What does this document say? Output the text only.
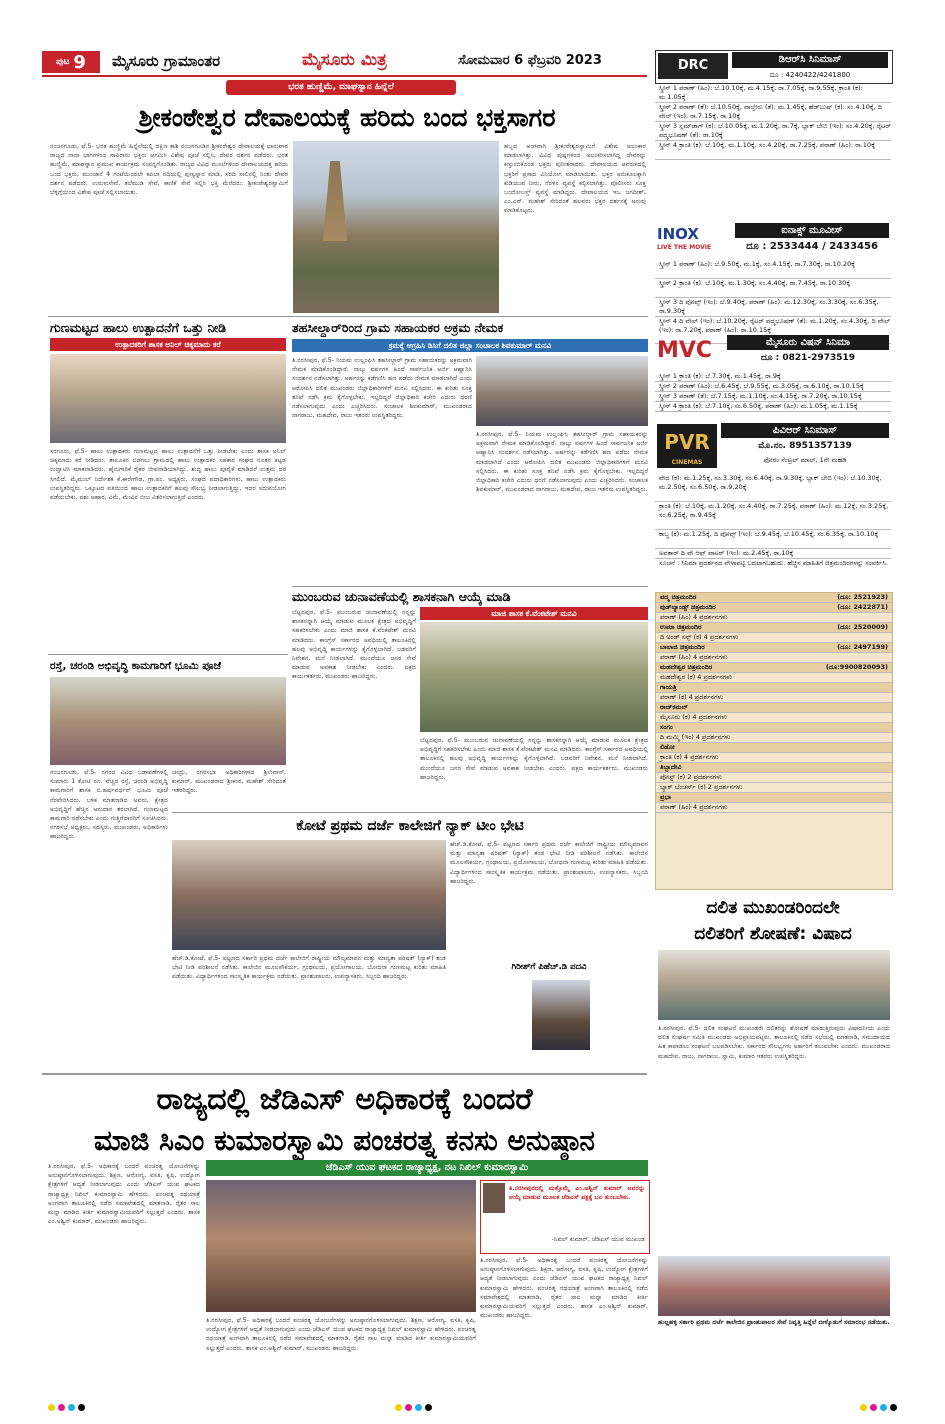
ಪುಟ 9 ಮೈಸೂರು ಗ್ರಾಮಾಂತರ	ಮೈಸೂರು ಮಿತ್ರ	ಸೋಮವಾರ 6 ಫೆಬ್ರವರಿ 2023
ಭರತ ಹುಣ್ಣಿಮೆ, ಮಾಘಸ್ನಾನ ಹಿನ್ನೆಲೆ
ಶ್ರೀಕಂಠೇಶ್ವರ ದೇವಾಲಯಕ್ಕೆ ಹರಿದು ಬಂದ ಭಕ್ತಸಾಗರ
ನಂಜನಗೂಡು, ಫೆ.5- ಭರತ ಹುಣ್ಣಿಮೆ ಹಿನ್ನೆಲೆಯಲ್ಲಿ ದಕ್ಷಿಣ ಕಾಶಿ ನಂಜನಗೂಡಿನ ಶ್ರೀಕಂಠೇಶ್ವರ ದೇವಾಲಯಕ್ಕೆ ಭಾನುವಾರ ರಾಜ್ಯದ ನಾನಾ ಭಾಗಗಳಿಂದ ಸಾವಿರಾರು ಭಕ್ತರು ಆಗಮಿಸಿ ವಿಶೇಷ ಪೂಜೆ ಸಲ್ಲಿಸಿ, ದೇವರ ದರ್ಶನ ಪಡೆದರು. ಭರತ ಹುಣ್ಣಿಮೆ, ಮಾಘಸ್ನಾನ ಪ್ರಮುಖ ಕಾರ್ಯಕ್ರಮ ಸಂಪನ್ನಗೊಂಡಿತು. ರಾಜ್ಯದ ವಿವಿಧ ಮೂಲೆಗಳಿಂದ ದೇವಾಲಯದತ್ತ ಹರಿದು ಬಂದ ಭಕ್ತರು, ಮುಂಜಾನೆ 4 ಗಂಟೆಯಿಂದಲೇ ಕಪಿಲಾ ನದಿಯಲ್ಲಿ ಪುಣ್ಯಸ್ನಾನ ಮಾಡಿ, ಸರದಿ ಸಾಲಿನಲ್ಲಿ ನಿಂತು ದೇವರ ದರ್ಶನ ಪಡೆದರು. ಉರುಳುಸೇವೆ, ತಲೆಮುಡಿ ಸೇವೆ, ಕಾಣಿಕೆ ಸೇವೆ ಸಲ್ಲಿಸಿ ಭಕ್ತಿ ಮೆರೆದರು. ಶ್ರೀಕಂಠೇಶ್ವರಸ್ವಾಮಿಗೆ ಬೆಳ್ಳಿಗ್ಗೆಯಿಂದ ವಿಶೇಷ ಪೂಜೆ ಸಲ್ಲಿಸಲಾಯಿತು.
ಹಬ್ಬದ ಅಂಗವಾಗಿ ಶ್ರೀಕಂಠೇಶ್ವರಸ್ವಾಮಿಗೆ ವಿಶೇಷ ಅಲಂಕಾರ ಮಾಡಲಾಗಿತ್ತು. ವಿವಿಧ ಪುಷ್ಪಗಳಿಂದ ಅಲಂಕರಿಸಲಾಗಿದ್ದ ದೇವರನ್ನು ಕಣ್ತುಂಬಿಕೊಂಡ ಭಕ್ತರು ಪುನೀತರಾದರು. ದೇವಾಲಯದ ಆವರಣದಲ್ಲಿ ಭಕ್ತರಿಗೆ ಪ್ರಸಾದ ವಿನಿಯೋಗ ಮಾಡಲಾಯಿತು. ಭಕ್ತರ ಅನುಕೂಲಕ್ಕಾಗಿ ಕುಡಿಯುವ ನೀರು, ನೆರಳಿನ ವ್ಯವಸ್ಥೆ ಕಲ್ಪಿಸಲಾಗಿತ್ತು. ಪೊಲೀಸರು ಸೂಕ್ತ ಬಂದೋಬಸ್ತ್ ವ್ಯವಸ್ಥೆ ಮಾಡಿದ್ದರು. ದೇವಾಲಯದ ಇಒ ಜಗದೀಶ್, ಎಂ.ಎನ್. ಮಹೇಶ್ ಸೇರಿದಂತೆ ಹಲವರು ಭಕ್ತರ ದರ್ಶನಕ್ಕೆ ಅನುವು ಮಾಡಿಕೊಟ್ಟರು.
ಗುಣಮಟ್ಟದ ಹಾಲು ಉತ್ಪಾದನೆಗೆ ಒತ್ತು ನೀಡಿ
ಉತ್ಪಾದಕರಿಗೆ ಶಾಸಕ ಅನಿಲ್ ಚಿಕ್ಕಮಾದು ಕರೆ
ಸರಗೂರು, ಫೆ.5- ಹಾಲು ಉತ್ಪಾದಕರು ಗುಣಮಟ್ಟದ ಹಾಲು ಉತ್ಪಾದನೆಗೆ ಒತ್ತು ನೀಡಬೇಕು ಎಂದು ಶಾಸಕ ಅನಿಲ್ ಚಿಕ್ಕಮಾದು ಕರೆ ನೀಡಿದರು. ತಾಲೂಕಿನ ಬಿಡಗಲು ಗ್ರಾಮದಲ್ಲಿ ಹಾಲು ಉತ್ಪಾದಕರ ಸಹಕಾರ ಸಂಘದ ನೂತನ ಕಟ್ಟಡ ಉದ್ಘಾಟಿಸಿ ಮಾತನಾಡಿದರು. ಹೈನುಗಾರಿಕೆ ರೈತರ ಜೀವನಾಡಿಯಾಗಿದ್ದು, ಶುದ್ಧ ಹಾಲು ಪೂರೈಕೆ ಮಾಡಿದರೆ ಉತ್ತಮ ದರ ಸಿಗಲಿದೆ. ಮೈಮುಲ್ ನಿರ್ದೇಶಕ ಕೆ.ಈರೇಗೌಡ, ಗ್ರಾ.ಪಂ. ಅಧ್ಯಕ್ಷರು, ಸಂಘದ ಪದಾಧಿಕಾರಿಗಳು, ಹಾಲು ಉತ್ಪಾದಕರು ಉಪಸ್ಥಿತರಿದ್ದರು. ಒಕ್ಕೂಟದ ವತಿಯಿಂದ ಹಾಲು ಉತ್ಪಾದಕರಿಗೆ ಹಲವು ಸೌಲಭ್ಯ ನೀಡಲಾಗುತ್ತಿದ್ದು, ಇದರ ಸದುಪಯೋಗ ಪಡೆಯಬೇಕು. ಪಶು ಆಹಾರ, ವಿಮೆ, ಮೇವಿನ ಬೀಜ ವಿತರಿಸಲಾಗುತ್ತಿದೆ ಎಂದರು.
ರಸ್ತೆ, ಚರಂಡಿ ಅಭಿವೃದ್ಧಿ ಕಾಮಗಾರಿಗೆ ಭೂಮಿ ಪೂಜೆ
ನಂಜನಗೂಡು, ಫೆ.5- ನಗರದ ವಿವಿಧ ಬಡಾವಣೆಗಳಲ್ಲಿ ಸುಮಾರು 1 ಕೋಟಿ ರೂ. ವೆಚ್ಚದ ರಸ್ತೆ, ಚರಂಡಿ ಅಭಿವೃದ್ಧಿ ಕಾಮಗಾರಿಗೆ ಶಾಸಕ ಬಿ.ಹರ್ಷವರ್ಧನ್ ಭೂಮಿ ಪೂಜೆ ನೆರವೇರಿಸಿದರು. ಬಳಿಕ ಮಾತನಾಡಿದ ಅವರು, ಕ್ಷೇತ್ರದ ಅಭಿವೃದ್ಧಿಗೆ ಹೆಚ್ಚಿನ ಅನುದಾನ ತರಲಾಗಿದೆ. ಗುಣಮಟ್ಟದ ಕಾಮಗಾರಿ ನಡೆಸಬೇಕು ಎಂದು ಗುತ್ತಿಗೆದಾರರಿಗೆ ಸೂಚಿಸಿದರು. ನಗರಸಭೆ ಅಧ್ಯಕ್ಷರು, ಸದಸ್ಯರು, ಮುಖಂಡರು, ಅಧಿಕಾರಿಗಳು ಹಾಜರಿದ್ದರು.
ಚಂದ್ರು, ನಗರಸಭಾ ಅಧಿಕಾರಿಗಳಾದ ಶ್ರೀನಿವಾಸ್, ಕುಮಾರ್, ಮುಖಂಡರಾದ ಶ್ರೀಕಂಠ, ಮಹೇಶ್ ಸೇರಿದಂತೆ ಇತರರಿದ್ದರು.
ತಹಸೀಲ್ದಾರ್‌ರಿಂದ ಗ್ರಾಮ ಸಹಾಯಕರ ಅಕ್ರಮ ನೇಮಕ
ಕ್ರಮಕ್ಕೆ ಆಗ್ರಹಿಸಿ ಡಿಸಿಗೆ ದಲಿತ ಜಿಲ್ಲಾ ಸಂಚಾಲಕ ಶಿವಕುಮಾರ್ ಮನವಿ
ತಿ.ನರಸೀಪುರ, ಫೆ.5- ನಿಯಮ ಉಲ್ಲಂಘಿಸಿ ತಹಸೀಲ್ದಾರ್ ಗ್ರಾಮ ಸಹಾಯಕರನ್ನು ಅಕ್ರಮವಾಗಿ ನೇಮಕ ಮಾಡಿಕೊಂಡಿದ್ದಾರೆ. ನಾಲ್ಕು ವರ್ಷಗಳ ಹಿಂದೆ ಸಾರ್ವಜನಿಕ ಅರ್ಜಿ ಆಹ್ವಾನಿಸಿ ಸಂದರ್ಶನ ನಡೆಸಲಾಗಿತ್ತು. ಅರ್ಹರನ್ನು ಕಡೆಗಣಿಸಿ ಹಣ ಪಡೆದು ನೇಮಕ ಮಾಡಲಾಗಿದೆ ಎಂದು ಆರೋಪಿಸಿ ದಲಿತ ಮುಖಂಡರು ಜಿಲ್ಲಾಧಿಕಾರಿಗಳಿಗೆ ಮನವಿ ಸಲ್ಲಿಸಿದರು. ಈ ಕುರಿತು ಸೂಕ್ತ ತನಿಖೆ ನಡೆಸಿ ಕ್ರಮ ಕೈಗೊಳ್ಳಬೇಕು. ಇಲ್ಲದಿದ್ದರೆ ಜಿಲ್ಲಾಧಿಕಾರಿ ಕಚೇರಿ ಎದುರು ಧರಣಿ ನಡೆಸಲಾಗುವುದು ಎಂದು ಎಚ್ಚರಿಸಿದರು. ಸಂಚಾಲಕ ಶಿವಕುಮಾರ್, ಮುಖಂಡರಾದ ನಾಗರಾಜು, ಮಹದೇವ, ರಾಜು ಇತರರು ಉಪಸ್ಥಿತರಿದ್ದರು.
ತಿ.ನರಸೀಪುರ, ಫೆ.5- ನಿಯಮ ಉಲ್ಲಂಘಿಸಿ ತಹಸೀಲ್ದಾರ್ ಗ್ರಾಮ ಸಹಾಯಕರನ್ನು ಅಕ್ರಮವಾಗಿ ನೇಮಕ ಮಾಡಿಕೊಂಡಿದ್ದಾರೆ. ನಾಲ್ಕು ವರ್ಷಗಳ ಹಿಂದೆ ಸಾರ್ವಜನಿಕ ಅರ್ಜಿ ಆಹ್ವಾನಿಸಿ ಸಂದರ್ಶನ ನಡೆಸಲಾಗಿತ್ತು. ಅರ್ಹರನ್ನು ಕಡೆಗಣಿಸಿ ಹಣ ಪಡೆದು ನೇಮಕ ಮಾಡಲಾಗಿದೆ ಎಂದು ಆರೋಪಿಸಿ ದಲಿತ ಮುಖಂಡರು ಜಿಲ್ಲಾಧಿಕಾರಿಗಳಿಗೆ ಮನವಿ ಸಲ್ಲಿಸಿದರು. ಈ ಕುರಿತು ಸೂಕ್ತ ತನಿಖೆ ನಡೆಸಿ ಕ್ರಮ ಕೈಗೊಳ್ಳಬೇಕು. ಇಲ್ಲದಿದ್ದರೆ ಜಿಲ್ಲಾಧಿಕಾರಿ ಕಚೇರಿ ಎದುರು ಧರಣಿ ನಡೆಸಲಾಗುವುದು ಎಂದು ಎಚ್ಚರಿಸಿದರು. ಸಂಚಾಲಕ ಶಿವಕುಮಾರ್, ಮುಖಂಡರಾದ ನಾಗರಾಜು, ಮಹದೇವ, ರಾಜು ಇತರರು ಉಪಸ್ಥಿತರಿದ್ದರು.
ಮುಂಬರುವ ಚುನಾವಣೆಯಲ್ಲಿ ಶಾಸಕನಾಗಿ ಆಯ್ಕೆ ಮಾಡಿ
ಮಾಜಿ ಶಾಸಕ ಕೆ.ವೆಂಕಟೇಶ್ ಮನವಿ
ಬೆಟ್ಟದಪುರ, ಫೆ.5- ಮುಂಬರುವ ಚುನಾವಣೆಯಲ್ಲಿ ನನ್ನನ್ನು ಶಾಸಕನನ್ನಾಗಿ ಆಯ್ಕೆ ಮಾಡುವ ಮೂಲಕ ಕ್ಷೇತ್ರದ ಅಭಿವೃದ್ಧಿಗೆ ಸಹಕರಿಸಬೇಕು ಎಂದು ಮಾಜಿ ಶಾಸಕ ಕೆ.ವೆಂಕಟೇಶ್ ಮನವಿ ಮಾಡಿದರು. ಕಾಂಗ್ರೆಸ್ ಸರ್ಕಾರದ ಅವಧಿಯಲ್ಲಿ ತಾಲೂಕಿನಲ್ಲಿ ಹಲವು ಅಭಿವೃದ್ಧಿ ಕಾರ್ಯಗಳನ್ನು ಕೈಗೊಳ್ಳಲಾಗಿದೆ. ಬಡವರಿಗೆ ನಿವೇಶನ, ಮನೆ ನೀಡಲಾಗಿದೆ. ಮುಂದೆಯೂ ಜನರ ಸೇವೆ ಮಾಡುವ ಅವಕಾಶ ನೀಡಬೇಕು ಎಂದರು. ಪಕ್ಷದ ಕಾರ್ಯಕರ್ತರು, ಮುಖಂಡರು ಹಾಜರಿದ್ದರು.
ಬೆಟ್ಟದಪುರ, ಫೆ.5- ಮುಂಬರುವ ಚುನಾವಣೆಯಲ್ಲಿ ನನ್ನನ್ನು ಶಾಸಕನನ್ನಾಗಿ ಆಯ್ಕೆ ಮಾಡುವ ಮೂಲಕ ಕ್ಷೇತ್ರದ ಅಭಿವೃದ್ಧಿಗೆ ಸಹಕರಿಸಬೇಕು ಎಂದು ಮಾಜಿ ಶಾಸಕ ಕೆ.ವೆಂಕಟೇಶ್ ಮನವಿ ಮಾಡಿದರು. ಕಾಂಗ್ರೆಸ್ ಸರ್ಕಾರದ ಅವಧಿಯಲ್ಲಿ ತಾಲೂಕಿನಲ್ಲಿ ಹಲವು ಅಭಿವೃದ್ಧಿ ಕಾರ್ಯಗಳನ್ನು ಕೈಗೊಳ್ಳಲಾಗಿದೆ. ಬಡವರಿಗೆ ನಿವೇಶನ, ಮನೆ ನೀಡಲಾಗಿದೆ. ಮುಂದೆಯೂ ಜನರ ಸೇವೆ ಮಾಡುವ ಅವಕಾಶ ನೀಡಬೇಕು ಎಂದರು. ಪಕ್ಷದ ಕಾರ್ಯಕರ್ತರು, ಮುಖಂಡರು ಹಾಜರಿದ್ದರು.
ಕೋಟೆ ಪ್ರಥಮ ದರ್ಜೆ ಕಾಲೇಜಿಗೆ ನ್ಯಾಕ್ ಟೀಂ ಭೇಟಿ
ಹೆಚ್.ಡಿ.ಕೋಟೆ, ಫೆ.5- ಪಟ್ಟಣದ ಸರ್ಕಾರಿ ಪ್ರಥಮ ದರ್ಜೆ ಕಾಲೇಜಿಗೆ ರಾಷ್ಟ್ರೀಯ ಮೌಲ್ಯಮಾಪನ ಮತ್ತು ಮಾನ್ಯತಾ ಪರಿಷತ್ (ನ್ಯಾಕ್) ತಂಡ ಭೇಟಿ ನೀಡಿ ಪರಿಶೀಲನೆ ನಡೆಸಿತು. ಕಾಲೇಜಿನ ಮೂಲಸೌಕರ್ಯ, ಗ್ರಂಥಾಲಯ, ಪ್ರಯೋಗಾಲಯ, ಬೋಧನಾ ಗುಣಮಟ್ಟ ಕುರಿತು ಮಾಹಿತಿ ಪಡೆಯಿತು. ವಿದ್ಯಾರ್ಥಿಗಳಿಂದ ಸಾಂಸ್ಕೃತಿಕ ಕಾರ್ಯಕ್ರಮ ನಡೆಯಿತು. ಪ್ರಾಂಶುಪಾಲರು, ಉಪನ್ಯಾಸಕರು, ಸಿಬ್ಬಂದಿ ಹಾಜರಿದ್ದರು.
ಹೆಚ್.ಡಿ.ಕೋಟೆ, ಫೆ.5- ಪಟ್ಟಣದ ಸರ್ಕಾರಿ ಪ್ರಥಮ ದರ್ಜೆ ಕಾಲೇಜಿಗೆ ರಾಷ್ಟ್ರೀಯ ಮೌಲ್ಯಮಾಪನ ಮತ್ತು ಮಾನ್ಯತಾ ಪರಿಷತ್ (ನ್ಯಾಕ್) ತಂಡ ಭೇಟಿ ನೀಡಿ ಪರಿಶೀಲನೆ ನಡೆಸಿತು. ಕಾಲೇಜಿನ ಮೂಲಸೌಕರ್ಯ, ಗ್ರಂಥಾಲಯ, ಪ್ರಯೋಗಾಲಯ, ಬೋಧನಾ ಗುಣಮಟ್ಟ ಕುರಿತು ಮಾಹಿತಿ ಪಡೆಯಿತು. ವಿದ್ಯಾರ್ಥಿಗಳಿಂದ ಸಾಂಸ್ಕೃತಿಕ ಕಾರ್ಯಕ್ರಮ ನಡೆಯಿತು. ಪ್ರಾಂಶುಪಾಲರು, ಉಪನ್ಯಾಸಕರು, ಸಿಬ್ಬಂದಿ ಹಾಜರಿದ್ದರು.
ಗಿರೀಶ್‌ಗೆ ಪಿಹೆಚ್.ಡಿ ಪದವಿ
ರಾಜ್ಯದಲ್ಲಿ ಜೆಡಿಎಸ್ ಅಧಿಕಾರಕ್ಕೆ ಬಂದರೆ
ಮಾಜಿ ಸಿಎಂ ಕುಮಾರಸ್ವಾಮಿ ಪಂಚರತ್ನ ಕನಸು ಅನುಷ್ಠಾನ
ಜೆಡಿಎಸ್ ಯುವ ಘಟಕದ ರಾಜ್ಯಾಧ್ಯಕ್ಷ, ನಟ ನಿಖಿಲ್ ಕುಮಾರಸ್ವಾಮಿ
ತಿ.ನರಸೀಪುರ, ಫೆ.5- ಅಧಿಕಾರಕ್ಕೆ ಬಂದರೆ ಪಂಚರತ್ನ ಯೋಜನೆಗಳನ್ನು ಅನುಷ್ಠಾನಗೊಳಿಸಲಾಗುವುದು. ಶಿಕ್ಷಣ, ಆರೋಗ್ಯ, ವಸತಿ, ಕೃಷಿ, ಉದ್ಯೋಗ ಕ್ಷೇತ್ರಗಳಿಗೆ ಆದ್ಯತೆ ನೀಡಲಾಗುವುದು ಎಂದು ಜೆಡಿಎಸ್ ಯುವ ಘಟಕದ ರಾಜ್ಯಾಧ್ಯಕ್ಷ ನಿಖಿಲ್ ಕುಮಾರಸ್ವಾಮಿ ಹೇಳಿದರು. ಪಂಚರತ್ನ ರಥಯಾತ್ರೆ ಅಂಗವಾಗಿ ತಾಲೂಕಿನಲ್ಲಿ ನಡೆದ ಸಮಾವೇಶದಲ್ಲಿ ಮಾತನಾಡಿ, ರೈತರ ಸಾಲ ಮನ್ನಾ ಮಾಡಿದ ಕೀರ್ತಿ ಕುಮಾರಸ್ವಾಮಿಯವರಿಗೆ ಸಲ್ಲುತ್ತದೆ ಎಂದರು. ಶಾಸಕ ಎಂ.ಅಶ್ವಿನ್ ಕುಮಾರ್, ಮುಖಂಡರು ಹಾಜರಿದ್ದರು.
ತಿ.ನರಸೀಪುರದಲ್ಲಿ ಮತ್ತೊಮ್ಮೆ ಎಂ.ಅಶ್ವಿನ್ ಕುಮಾರ್ ಅವರನ್ನು ಆಯ್ಕೆ ಮಾಡುವ ಮೂಲಕ ಜೆಡಿಎಸ್ ಪಕ್ಷಕ್ಕೆ ಬಲ ತುಂಬಬೇಕು.
-ನಿಖಿಲ್ ಕುಮಾರ್, ಜೆಡಿಎಸ್ ಯುವ ಮುಖಂಡ
ತಿ.ನರಸೀಪುರ, ಫೆ.5- ಅಧಿಕಾರಕ್ಕೆ ಬಂದರೆ ಪಂಚರತ್ನ ಯೋಜನೆಗಳನ್ನು ಅನುಷ್ಠಾನಗೊಳಿಸಲಾಗುವುದು. ಶಿಕ್ಷಣ, ಆರೋಗ್ಯ, ವಸತಿ, ಕೃಷಿ, ಉದ್ಯೋಗ ಕ್ಷೇತ್ರಗಳಿಗೆ ಆದ್ಯತೆ ನೀಡಲಾಗುವುದು ಎಂದು ಜೆಡಿಎಸ್ ಯುವ ಘಟಕದ ರಾಜ್ಯಾಧ್ಯಕ್ಷ ನಿಖಿಲ್ ಕುಮಾರಸ್ವಾಮಿ ಹೇಳಿದರು. ಪಂಚರತ್ನ ರಥಯಾತ್ರೆ ಅಂಗವಾಗಿ ತಾಲೂಕಿನಲ್ಲಿ ನಡೆದ ಸಮಾವೇಶದಲ್ಲಿ ಮಾತನಾಡಿ, ರೈತರ ಸಾಲ ಮನ್ನಾ ಮಾಡಿದ ಕೀರ್ತಿ ಕುಮಾರಸ್ವಾಮಿಯವರಿಗೆ ಸಲ್ಲುತ್ತದೆ ಎಂದರು. ಶಾಸಕ ಎಂ.ಅಶ್ವಿನ್ ಕುಮಾರ್, ಮುಖಂಡರು ಹಾಜರಿದ್ದರು.
ತಿ.ನರಸೀಪುರ, ಫೆ.5- ಅಧಿಕಾರಕ್ಕೆ ಬಂದರೆ ಪಂಚರತ್ನ ಯೋಜನೆಗಳನ್ನು ಅನುಷ್ಠಾನಗೊಳಿಸಲಾಗುವುದು. ಶಿಕ್ಷಣ, ಆರೋಗ್ಯ, ವಸತಿ, ಕೃಷಿ, ಉದ್ಯೋಗ ಕ್ಷೇತ್ರಗಳಿಗೆ ಆದ್ಯತೆ ನೀಡಲಾಗುವುದು ಎಂದು ಜೆಡಿಎಸ್ ಯುವ ಘಟಕದ ರಾಜ್ಯಾಧ್ಯಕ್ಷ ನಿಖಿಲ್ ಕುಮಾರಸ್ವಾಮಿ ಹೇಳಿದರು. ಪಂಚರತ್ನ ರಥಯಾತ್ರೆ ಅಂಗವಾಗಿ ತಾಲೂಕಿನಲ್ಲಿ ನಡೆದ ಸಮಾವೇಶದಲ್ಲಿ ಮಾತನಾಡಿ, ರೈತರ ಸಾಲ ಮನ್ನಾ ಮಾಡಿದ ಕೀರ್ತಿ ಕುಮಾರಸ್ವಾಮಿಯವರಿಗೆ ಸಲ್ಲುತ್ತದೆ ಎಂದರು. ಶಾಸಕ ಎಂ.ಅಶ್ವಿನ್ ಕುಮಾರ್, ಮುಖಂಡರು ಹಾಜರಿದ್ದರು.
DRC	ಡಿಆರ್‌ಸಿ ಸಿನಿಮಾಸ್
ದೂ : 4240422/4241800
ಸ್ಕ್ರೀನ್ 1 ಪಠಾಣ್ (ಹಿಂ): ಬೆ.10.10ಕ್ಕೆ, ಮ.4.15ಕ್ಕೆ, ರಾ.7.05ಕ್ಕೆ, ರಾ.9.55ಕ್ಕೆ, ಕ್ರಾಂತಿ (ಕ): ಮ.1.05ಕ್ಕೆ
ಸ್ಕ್ರೀನ್ 2 ಪಠಾಣ್ (ತೆ): ಬೆ.10.50ಕ್ಕೆ, ವಾಲ್ತೇರು (ತೆ): ಮ.1.45ಕ್ಕೆ, ಹೆಡ್‌ಬುಷ್ (ಕ): ಸಂ.4.10ಕ್ಕೆ, ದಿ ವೇಲ್ (ಇಂ): ರಾ.7.15ಕ್ಕೆ, ರಾ.10ಕ್ಕೆ
ಸ್ಕ್ರೀನ್ 3 ಸ್ಲಮ್‌ಡಾಗ್ (ಕ): ಬೆ.10.05ಕ್ಕೆ, ಮ.1.20ಕ್ಕೆ, ರಾ.7ಕ್ಕೆ, ಬ್ಲಾಕ್ ಬೇಬಿ (ಇಂ): ಸಂ.4.20ಕ್ಕೆ, ರೈಟರ್ ಪದ್ಮಭೂಷಣ್ (ತೆ): ರಾ.10ಕ್ಕೆ
ಸ್ಕ್ರೀನ್ 4 ಕ್ರಾಂತಿ (ಕ): ಬೆ.10ಕ್ಕೆ, ಮ.1.10ಕ್ಕೆ, ಸಂ.4.20ಕ್ಕೆ, ರಾ.7.25ಕ್ಕೆ, ಪಠಾಣ್ (ಹಿಂ): ರಾ.10ಕ್ಕೆ
INOX
LIVE THE MOVIE
ಐನಾಕ್ಸ್ ಮೂವೀಸ್
ದೂ : 2533444 / 2433456
ಸ್ಕ್ರೀನ್ 1 ಪಠಾಣ್ (ಹಿಂ): ಬೆ.9.50ಕ್ಕೆ, ಮ.1ಕ್ಕೆ, ಸಂ.4.15ಕ್ಕೆ, ರಾ.7.30ಕ್ಕೆ, ರಾ.10.20ಕ್ಕೆ
ಸ್ಕ್ರೀನ್ 2 ಕ್ರಾಂತಿ (ಕ): ಬೆ.10ಕ್ಕೆ, ಮ.1.30ಕ್ಕೆ, ಸಂ.4.40ಕ್ಕೆ, ರಾ.7.45ಕ್ಕೆ, ರಾ.10.30ಕ್ಕೆ
ಸ್ಕ್ರೀನ್ 3 ದಿ ಪೋಪ್ಸ್ (ಇಂ): ಬೆ.9.40ಕ್ಕೆ, ಪಠಾಣ್ (ಹಿಂ): ಮ.12.30ಕ್ಕೆ, ಸಂ.3.30ಕ್ಕೆ, ಸಂ.6.35ಕ್ಕೆ, ರಾ.9.30ಕ್ಕೆ
ಸ್ಕ್ರೀನ್ 4 ದಿ ವೇಲ್ (ಇಂ): ಬೆ.10.20ಕ್ಕೆ, ರೈಟರ್ ಪದ್ಮಭೂಷಣ್ (ತೆ): ಮ.1.20ಕ್ಕೆ, ಸಂ.4.30ಕ್ಕೆ, ದಿ ವೇಲ್ (ಇಂ): ರಾ.7.20ಕ್ಕೆ, ಪಠಾಣ್ (ಹಿಂ): ರಾ.10.15ಕ್ಕೆ
MVC	ಮೈಸೂರು ವಿಷನ್ ಸಿನಿಮಾ
ದೂ : 0821-2973519
ಸ್ಕ್ರೀನ್ 1 ಕ್ರಾಂತಿ (ಕ): ಬೆ.7.30ಕ್ಕೆ, ಮ.1.45ಕ್ಕೆ, ರಾ.9ಕ್ಕೆ
ಸ್ಕ್ರೀನ್ 2 ಪಠಾಣ್ (ಹಿಂ): ಬೆ.6.45ಕ್ಕೆ, ಬೆ.9.55ಕ್ಕೆ, ಮ.3.05ಕ್ಕೆ, ರಾ.6.10ಕ್ಕೆ, ರಾ.10.15ಕ್ಕೆ
ಸ್ಕ್ರೀನ್ 3 ಪಠಾಣ್ (ತೆ): ಬೆ.7.15ಕ್ಕೆ, ಮ.1.10ಕ್ಕೆ, ಸಂ.4.15ಕ್ಕೆ, ರಾ.7.20ಕ್ಕೆ, ರಾ.10.15ಕ್ಕೆ
ಸ್ಕ್ರೀನ್ 4 ಕ್ರಾಂತಿ (ಕ): ಬೆ.7.10ಕ್ಕೆ, ಸಂ.6.50ಕ್ಕೆ, ಪಠಾಣ್ (ಹಿಂ): ಮ.1.05ಕ್ಕೆ, ಮ.1.15ಕ್ಕೆ
PVR
CINEMAS
ಪಿವಿಆರ್ ಸಿನಿಮಾಸ್
ಮೊ.ನಂ. 8951357139
ಫೋರಂ ಸೆಂಟ್ರಲ್ ಮಾಲ್, 1ನೇ ಮಹಡಿ
ವೇದ (ಕ): ಮ.1.25ಕ್ಕೆ, ಸಂ.3.30ಕ್ಕೆ, ಸಂ.6.40ಕ್ಕೆ, ರಾ.9.30ಕ್ಕೆ, ಬ್ಲಾಕ್ ಬೇಬಿ (ಇಂ): ಬೆ.10.30ಕ್ಕೆ, ಮ.2.50ಕ್ಕೆ, ಸಂ.6.50ಕ್ಕೆ, ರಾ.9.20ಕ್ಕೆ
ಕ್ರಾಂತಿ (ಕ): ಬೆ.10ಕ್ಕೆ, ಮ.1.20ಕ್ಕೆ, ಸಂ.4.40ಕ್ಕೆ, ರಾ.7.25ಕ್ಕೆ, ಪಠಾಣ್ (ಹಿಂ): ಮ.12ಕ್ಕೆ, ಸಂ.3.25ಕ್ಕೆ, ಸಂ.6.25ಕ್ಕೆ, ರಾ.9.45ಕ್ಕೆ
ಕಾಬ್ಜ (ಕ): ಮ.1.25ಕ್ಕೆ, ದಿ ಪೋಪ್ಸ್ (ಇಂ): ಬೆ.9.45ಕ್ಕೆ, ಬೆ.10.45ಕ್ಕೆ, ಸಂ.6.35ಕ್ಕೆ, ರಾ.10.10ಕ್ಕೆ
ಅವತಾರ್ ದಿ ವೇ ಆಫ್ ವಾಟರ್ (ಇಂ): ಮ.2.45ಕ್ಕೆ, ರಾ.10ಕ್ಕೆ
ಸೂಚನೆ : ಸಿನಿಮಾ ಪ್ರದರ್ಶನದ ವೇಳಾಪಟ್ಟಿ ಬದಲಾಗಬಹುದು. ಹೆಚ್ಚಿನ ಮಾಹಿತಿಗೆ ಚಿತ್ರಮಂದಿರಗಳನ್ನು ಸಂಪರ್ಕಿಸಿ.
ಪದ್ಮ ಚಿತ್ರಮಂದಿರ	(ದೂ: 2521923)
ವುಡ್‌ಲ್ಯಾಂಡ್ಸ್ ಚಿತ್ರಮಂದಿರ	(ದೂ: 2422871)
ಪಠಾಣ್ (ಹಿಂ) 4 ಪ್ರದರ್ಶನಗಳು
ಉಮಾ ಚಿತ್ರಮಂದಿರ	(ದೂ: 2520009)
ದಿ ಅಂಡ್ ಸನ್ಸ್ (ಕ) 4 ಪ್ರದರ್ಶನಗಳು
ಬಾಲಾಜಿ ಚಿತ್ರಮಂದಿರ	(ದೂ: 2497199)
ಪಠಾಣ್ (ಹಿಂ) 4 ಪ್ರದರ್ಶನಗಳು
ಮಹದೇಶ್ವರ ಚಿತ್ರಮಂದಿರ	(ದೂ:9900820093)
ಮಹದೇಶ್ವರ (ಕ) 4 ಪ್ರದರ್ಶನಗಳು
ಗಾಯತ್ರಿ
ಪಠಾಣ್ (ಕ) 4 ಪ್ರದರ್ಶನಗಳು
ರಾಜ್‌ಕಮಲ್
ಮೈಸೂರು (ಕ) 4 ಪ್ರದರ್ಶನಗಳು
ಸಂಗಂ
ದಿ ಮಮ್ಮಿ (ಇಂ) 4 ಪ್ರದರ್ಶನಗಳು
ಲಿಡೋ
ಕ್ರಾಂತಿ (ಕ) 4 ಪ್ರದರ್ಶನಗಳು
ತಿಬ್ಬಾದೇವಿ
ಪೋಸ್ಟ್ (ಕ) 2 ಪ್ರದರ್ಶನಗಳು
ಬ್ಯಾಕ್ ಬೆಂಚರ್ಸ್ (ಕ) 2 ಪ್ರದರ್ಶನಗಳು
ಪ್ರಭಾ
ಪಠಾಣ್ (ಹಿಂ) 4 ಪ್ರದರ್ಶನಗಳು
ದಲಿತ ಮುಖಂಡರಿಂದಲೇ
ದಲಿತರಿಗೆ ಶೋಷಣೆ: ವಿಷಾದ
ತಿ.ನರಸೀಪುರ, ಫೆ.5- ದಲಿತ ಸಂಘಟನೆ ಮುಖಂಡರೇ ದಲಿತರನ್ನು ಶೋಷಣೆ ಮಾಡುತ್ತಿರುವುದು ವಿಷಾದನೀಯ ಎಂದು ದಲಿತ ಸಂಘರ್ಷ ಸಮಿತಿ ಮುಖಂಡರು ಅಭಿಪ್ರಾಯಪಟ್ಟರು. ತಾಲೂಕಿನಲ್ಲಿ ನಡೆದ ಸಭೆಯಲ್ಲಿ ಮಾತನಾಡಿ, ಸಮುದಾಯದ ಹಿತ ಕಾಪಾಡಲು ಸಂಘಟನೆ ಬಲಪಡಿಸಬೇಕು. ಸರ್ಕಾರದ ಸೌಲಭ್ಯಗಳು ಅರ್ಹರಿಗೆ ತಲುಪಬೇಕು ಎಂದರು. ಮುಖಂಡರಾದ ಮಹದೇವ, ರಾಜು, ನಾಗರಾಜು, ಸ್ವಾಮಿ, ಕುಮಾರ ಇತರರು ಉಪಸ್ಥಿತರಿದ್ದರು.
ಹುಲ್ಲಹಳ್ಳಿ ಸರ್ಕಾರಿ ಪ್ರಥಮ ದರ್ಜೆ ಕಾಲೇಜಿನ ಪ್ರಾಂಶುಪಾಲರ ಸೇವೆ ನಿವೃತ್ತಿ ಹಿನ್ನೆಲೆ ಬೀಳ್ಕೊಡುಗೆ ಸಮಾರಂಭ ನಡೆಯಿತು.
